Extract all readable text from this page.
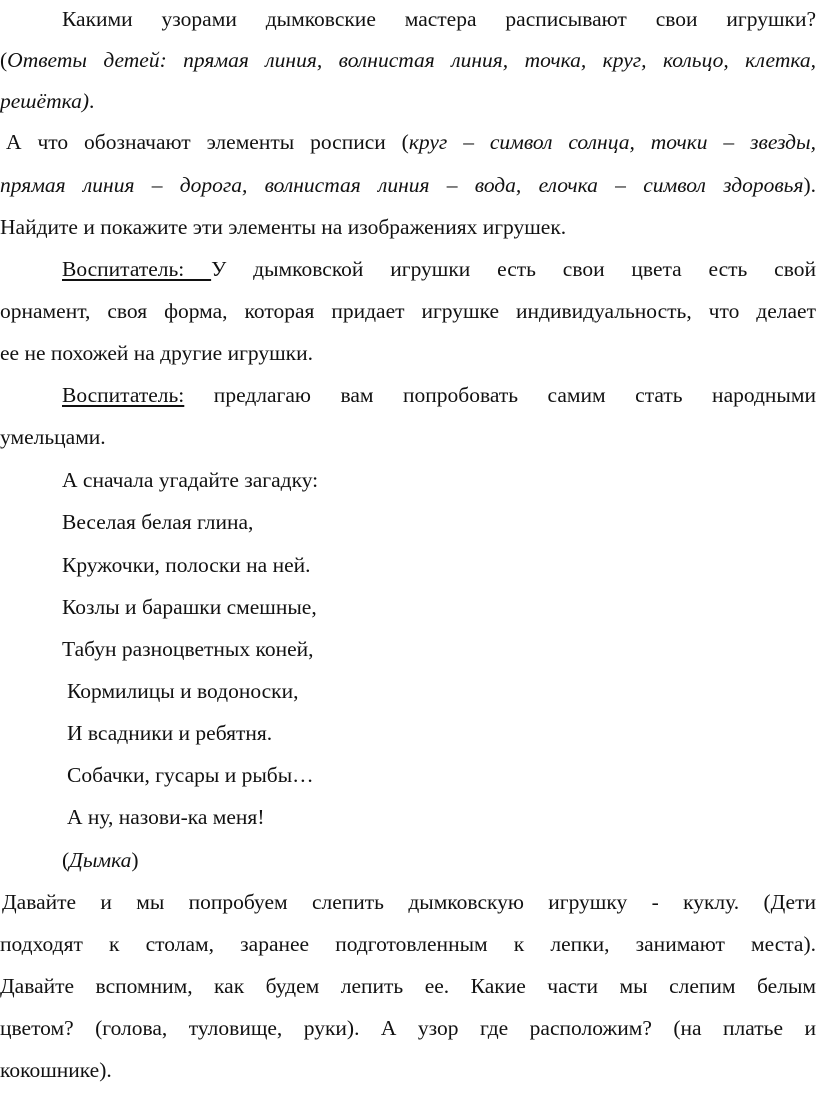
Какими узорами дымковские мастера расписывают свои игрушки?
(Ответы детей: прямая линия, волнистая линия, точка, круг, кольцо, клетка,
решётка).
А что обозначают элементы росписи (круг – символ солнца, точки – звезды,
прямая линия – дорога, волнистая линия – вода, елочка – символ здоровья).
Найдите и покажите эти элементы на изображениях игрушек.
Воспитатель: У дымковской игрушки есть свои цвета есть свой
орнамент, своя форма, которая придает игрушке индивидуальность, что делает
ее не похожей на другие игрушки.
Воспитатель: предлагаю вам попробовать самим стать народными
умельцами.
А сначала угадайте загадку:
Веселая белая глина,
Кружочки, полоски на ней.
Козлы и барашки смешные,
Табун разноцветных коней,
Кормилицы и водоноски,
И всадники и ребятня.
Собачки, гусары и рыбы…
А ну, назови-ка меня!
(Дымка)
Давайте и мы попробуем слепить дымковскую игрушку - куклу. (Дети
подходят к столам, заранее подготовленным к лепки, занимают места).
Давайте вспомним, как будем лепить ее. Какие части мы слепим белым
цветом? (голова, туловище, руки). А узор где расположим? (на платье и
кокошнике).
